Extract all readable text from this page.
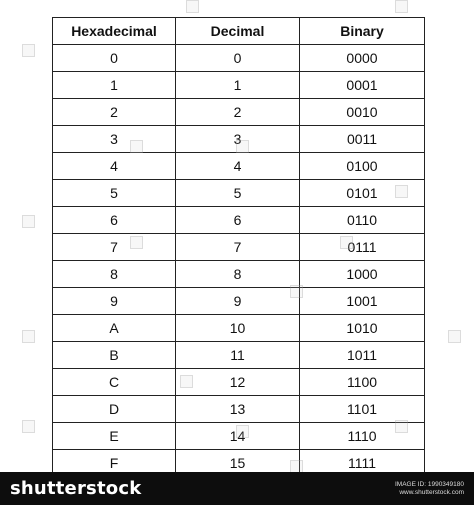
Hexadecimal	Decimal	Binary
0	0	0000
1	1	0001
2	2	0010
3	3	0011
4	4	0100
5	5	0101
6	6	0110
7	7	0111
8	8	1000
9	9	1001
A	10	1010
B	11	1011
C	12	1100
D	13	1101
E	14	1110
F	15	1111
shutterstock	IMAGE ID: 1990349180
www.shutterstock.com
